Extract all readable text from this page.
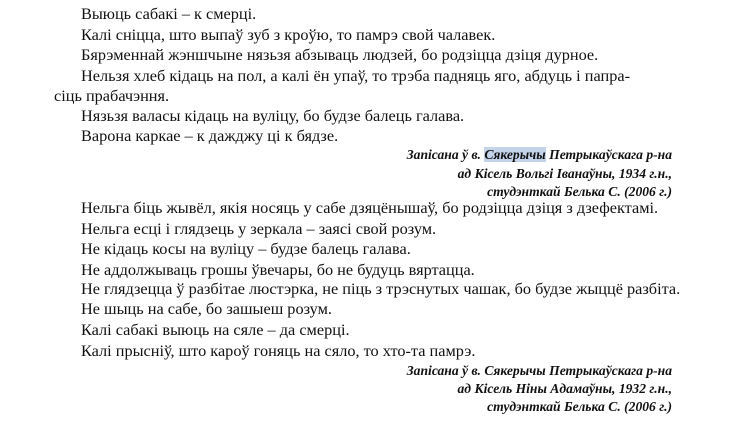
Выюць сабакі – к смерці.
Калі сніцца, што выпаў зуб з кроўю, то памрэ свой чалавек.
Бярэменнай жэншчыне нязьзя абзываць людзей, бо родзіцца дзіця дурное.
Нельзя хлеб кідаць на пол, а калі ён упаў, то трэба падняць яго, абдуць і папра-
сіць прабачэння.
Нязьзя валасы кідаць на вуліцу, бо будзе балець галава.
Варона каркае – к дажджу ці к бядзе.
Запісана ў в. Сякерычы Петрыкаўскага р-на
ад Кісель Вольгі Іванаўны, 1934 г.н.,
студэнткай Белька С. (2006 г.)
Нельга біць жывёл, якія носяць у сабе дзяцёнышаў, бо родзіцца дзіця з дзефектамі.
Нельга есці і глядзець у зеркала – заясі свой розум.
Не кідаць косы на вуліцу – будзе балець галава.
Не аддолжываць грошы ўвечары, бо не будуць вяртацца.
Не глядзецца ў разбітае люстэрка, не піць з трэснутых чашак, бо будзе жыццё разбіта.
Не шыць на сабе, бо зашыеш розум.
Калі сабакі выюць на сяле – да смерці.
Калі прысніў, што кароў гоняць на сяло, то хто-та памрэ.
Запісана ў в. Сякерычы Петрыкаўскага р-на
ад Кісель Ніны Адамаўны, 1932 г.н.,
студэнткай Белька С. (2006 г.)
